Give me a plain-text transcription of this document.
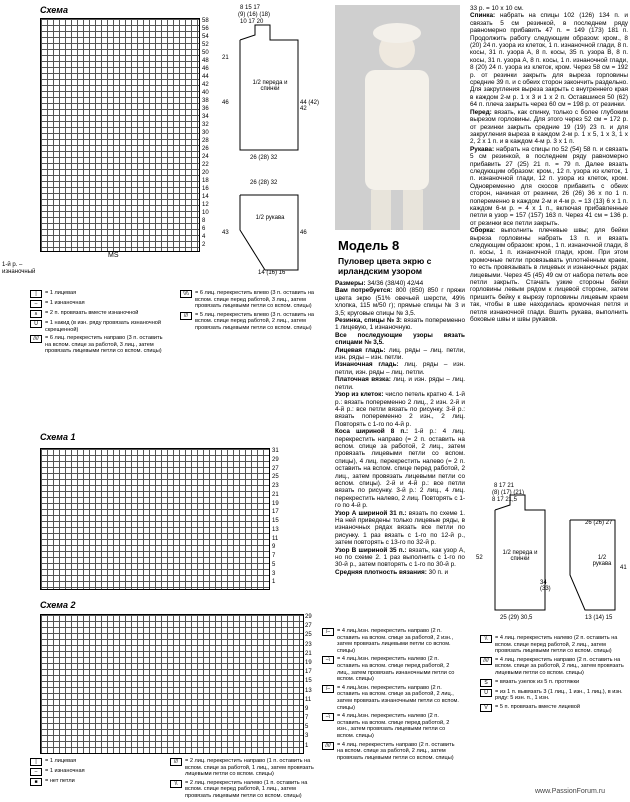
Схема
58
56
54
52
50
48
46
44
42
40
38
36
34
32
30
28
26
24
22
20
18
16
14
12
10
8
6
4
2
1-й р. – изнаночный
MS
|	= 1 лицевая
–	= 1 изнаночная
∧	= 2 п. провязать вместе изнаночной
U	= 1 накид (в изн. ряду провязать изнаночной скрещенной)
////	= 6 лиц. перекрестить направо (3 п. оставить на вспом. спице за работой, 3 лиц., затем провязать лицевыми петли со вспом. спицы)
\\\\	= 6 лиц. перекрестить влево (3 п. оставить на вспом. спице перед работой, 3 лиц., затем провязать лицевыми петли со вспом. спицы)
///	= 5 лиц. перекрестить влево (3 п. оставить на вспом. спице перед работой, 2 лиц., затем провязать лицевыми петли со вспом. спицы)
8 15 17
(9) (16) (18)
10 17 20
21
46
1/2 переда и спинки
44 (42) 42
26 (28) 32
26 (28) 32
1/2 рукава
43	46
14 (16) 16
Модель 8
Пуловер цвета экрю с ирландским узором

Размеры: 34/36 (38/40) 42/44

Вам потребуется: 800 (850) 850 г пряжи цвета экрю (51% овечьей шерсти, 49% хлопка, 115 м/50 г); прямые спицы № 3 и 3,5; круговые спицы № 3,5.

Резинка, спицы № 3: вязать попеременно 1 лицевую, 1 изнаночную.

Все последующие узоры вязать спицами № 3,5.

Лицевая гладь: лиц. ряды – лиц. петли, изн. ряды – изн. петли.

Изнаночная гладь: лиц. ряды – изн. петли, изн. ряды – лиц. петли.

Платочная вязка: лиц. и изн. ряды – лиц. петли.

Узор из клеток: число петель кратно 4. 1-й р.: вязать попеременно 2 лиц., 2 изн. 2-й и 4-й р.: все петли вязать по рисунку. 3-й р.: вязать попеременно 2 изн., 2 лиц. Повторять с 1-го по 4-й р.

Коса шириной 8 п.: 1-й р.: 4 лиц. перекрестить направо (= 2 п. оставить на вспом. спице за работой, 2 лиц., затем провязать лицевыми петли со вспом. спицы), 4 лиц. перекрестить налево (= 2 п. оставить на вспом. спице перед работой, 2 лиц., затем провязать лицевыми петли со вспом. спицы). 2-й и 4-й р.: все петли вязать по рисунку. 3-й р.: 2 лиц., 4 лиц. перекрестить налево, 2 лиц. Повторять с 1-го по 4-й р.

Узор А шириной 31 п.: вязать по схеме 1. На ней приведены только лицевые ряды, в изнаночных рядах вязать все петли по рисунку. 1 раз вязать с 1-го по 12-й р., затем повторять с 13-го по 32-й р.

Узор В шириной 35 п.: вязать, как узор А, но по схеме 2. 1 раз выполнить с 1-го по 30-й р., затем повторять с 1-го по 30-й р.

Средняя плотность вязания: 30 п. и

33 р. = 10 х 10 см.

Спинка: набрать на спицы 102 (126) 134 п. и связать 5 см резинкой, в последнем ряду равномерно прибавить 47 п. = 149 (173) 181 п. Продолжить работу следующим образом: кром., 8 (20) 24 п. узора из клеток, 1 п. изнаночной глади, 8 п. косы, 31 п. узора А, 8 п. косы, 35 п. узора В, 8 п. косы, 31 п. узора А, 8 п. косы, 1 п. изнаночной глади, 8 (20) 24 п. узора из клеток, кром. Через 58 см = 192 р. от резинки закрыть для выреза горловины средние 39 п. и с обеих сторон закончить раздельно. Для закругления выреза закрыть с внутреннего края в каждом 2-м р. 1 х 3 и 1 х 2 п. Оставшиеся 50 (62) 64 п. плеча закрыть через 60 см = 198 р. от резинки.

Перед: вязать, как спинку, только с более глубоким вырезом горловины. Для этого через 52 см = 172 р. от резинки закрыть средние 19 (19) 23 п. и для закругления выреза в каждом 2-м р. 1 х 5, 1 х 3, 1 х 2, 2 х 1 п. и в каждом 4-м р. 3 х 1 п.

Рукава: набрать на спицы по 52 (54) 58 п. и связать 5 см резинкой, в последнем ряду равномерно прибавить 27 (25) 21 п. = 79 п. Далее вязать следующим образом: кром., 12 п. узора из клеток, 1 п. изнаночной глади, 12 п. узора из клеток, кром. Одновременно для скосов прибавить с обеих сторон, начиная от резинки, 26 (26) 36 х по 1 п. попеременно в каждом 2-м и 4-м р. = 13 (13) 6 х 1 п. каждом 6-м р. = 4 х 1 п., включая прибавленные петли в узор = 157 (157) 163 п. Через 41 см = 136 р. от резинки все петли закрыть.

Сборка: выполнить плечевые швы; для бейки выреза горловины набрать 13 п. и вязать следующим образом: кром., 1 п. изнаночной глади, 8 п. косы, 1 п. изнаночной глади, кром. При этом кромочные петли провязывать уплотнённым краем, то есть провязывать в лицевых и изнаночных рядах лицевыми. Через 45 (45) 49 см от набора петель все петли закрыть. Стачать узкие стороны бейки горловины левым рядом к лицевой стороне, затем пришить бейку к вырезу горловины лицевым краем так, чтобы в шве находилась кромочная петля и петля изнаночной глади. Вшить рукава, выполнить боковые швы и швы рукавов.

Схема 1
31
29
27
25
23
21
19
17
15
13
11
9
7
5
3
1
Схема 2
29
27
25
23
21
19
17
15
13
11
9
7
5
3
1
/–	= 4 лиц./изн. перекрестить направо (2 п. оставить на вспом. спице за работой, 2 изн., затем провязать лицевыми петли со вспом. спицы)
–\	= 4 лиц./изн. перекрестить налево (2 п. оставить на вспом. спице перед работой, 2 лиц., затем провязать изнаночными петли со вспом. спицы)
/–	= 4 лиц./изн. перекрестить направо (2 п. оставить на вспом. спице за работой, 2 лиц., затем провязать изнаночными петли со вспом. спицы)
–\	= 4 лиц./изн. перекрестить налево (2 п. оставить на вспом. спице перед работой, 2 изн., затем провязать лицевыми петли со вспом. спицы)
////	= 4 лиц. перекрестить направо (2 п. оставить на вспом. спице за работой, 2 лиц., затем провязать лицевыми петли со вспом. спицы)
|	= 1 лицевая
–	= 1 изнаночная
■	= нет петли
///	= 2 лиц. перекрестить направо (1 п. оставить на вспом. спице за работой, 1 лиц., затем провязать лицевыми петли со вспом. спицы)
\\	= 2 лиц. перекрестить налево (1 п. оставить на вспом. спице перед работой, 1 лиц., затем провязать лицевыми петли со вспом. спицы)
8 17 21
(8) (17) (21)
8 17 21,5
52
1/2 переда и спинки
34 (33)
25 (29) 30,5
26 (26) 27
1/2 рукава
41
13 (14) 15
\\	= 4 лиц. перекрестить налево (2 п. оставить на вспом. спице перед работой, 2 лиц., затем провязать лицевыми петли со вспом. спицы)
////	= 4 лиц. перекрестить направо (2 п. оставить на вспом. спице за работой, 2 лиц., затем провязать лицевыми петли со вспом. спицы)
S	= вязать узелок из 5 п. протяжки
U	= из 1 п. вывязать 3 (1 лиц., 1 изн., 1 лиц.), в изн. ряду: 5 изн. п., 1 изн.
V	= 5 п. провязать вместе лицевой
www.PassionForum.ru
